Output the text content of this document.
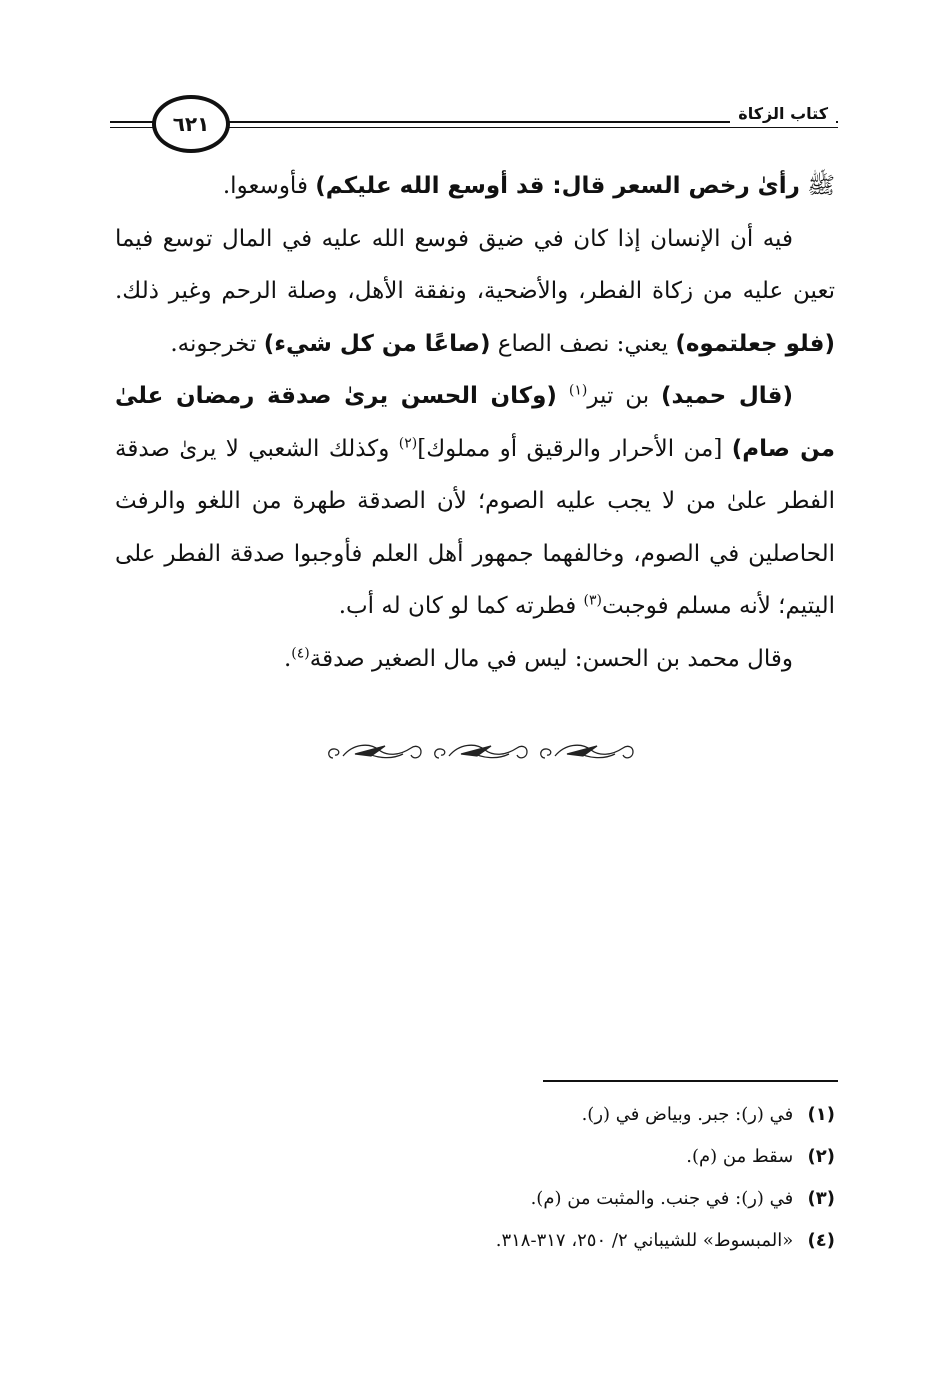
كتاب الزكاة
٦٢١

ﷺ رأىٰ رخص السعر قال: قد أوسع الله عليكم) فأوسعوا.

فيه أن الإنسان إذا كان في ضيق فوسع الله عليه في المال توسع فيما تعين عليه من زكاة الفطر، والأضحية، ونفقة الأهل، وصلة الرحم وغير ذلك. (فلو جعلتموه) يعني: نصف الصاع (صاعًا من كل شيء) تخرجونه.

(قال حميد) بن تير$^{(١)}$ (وكان الحسن يرىٰ صدقة رمضان علىٰ من صام) [من الأحرار والرقيق أو مملوك]$^{(٢)}$ وكذلك الشعبي لا يرىٰ صدقة الفطر علىٰ من لا يجب عليه الصوم؛ لأن الصدقة طهرة من اللغو والرفث الحاصلين في الصوم، وخالفهما جمهور أهل العلم فأوجبوا صدقة الفطر على اليتيم؛ لأنه مسلم فوجبت$^{(٣)}$ فطرته كما لو كان له أب.

وقال محمد بن الحسن: ليس في مال الصغير صدقة$^{(٤)}$.

(١) في (ر): جبر. وبياض في (ر).
(٢) سقط من (م).
(٣) في (ر): في جنب. والمثبت من (م).
(٤) «المبسوط» للشيباني ٢/ ٢٥٠، ٣١٧-٣١٨.
